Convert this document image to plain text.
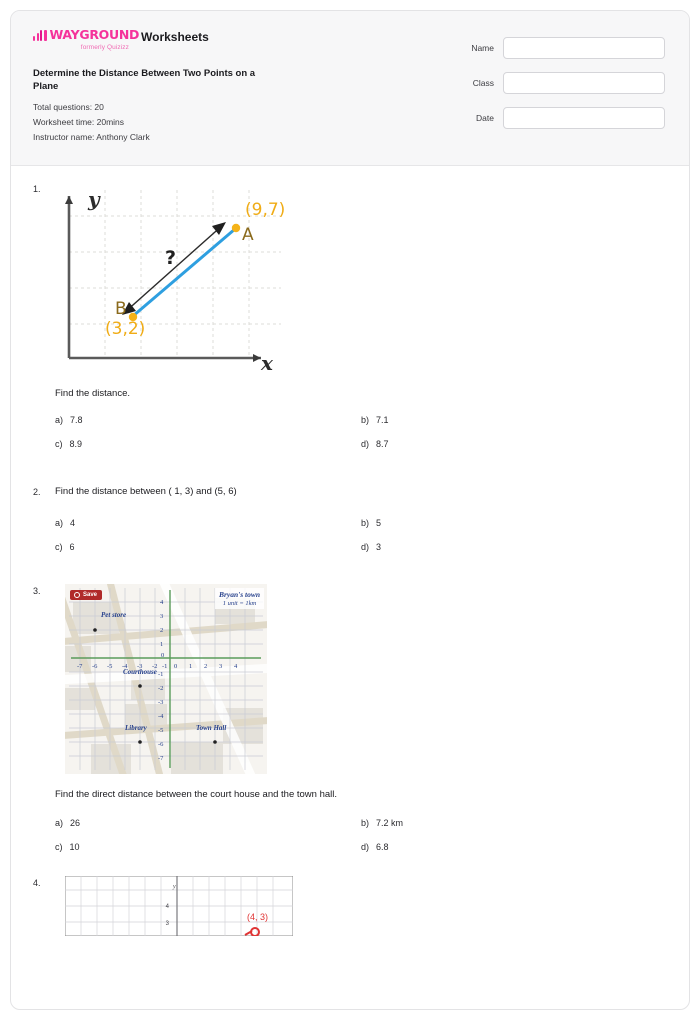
WAYGROUND
formerly Quizizz
Worksheets
Determine the Distance Between Two Points on a Plane
Total questions: 20
Worksheet time: 20mins
Instructor name: Anthony Clark
Name
Class
Date
1.	y
x
?
(9,7)
A
B
(3,2)
Find the distance.
a) 7.8	b) 7.1
c) 8.9	d) 8.7
2.	Find the distance between ( 1, 3) and (5, 6)
a) 4	b) 5
c) 6	d) 3
3.
-7 -6 -5 -4 -3 -2 -1 0 1 2 3 4
4
3
2
1
0
-1
-2
-3
-4
-5
-6
-7
Save	Bryan's town
1 unit = 1km
Pet store
Courthouse
Library	Town Hall
Find the direct distance between the court house and the town hall.
a) 26	b) 7.2 km
c) 10	d) 6.8
4.	y
4
3
(4, 3)
